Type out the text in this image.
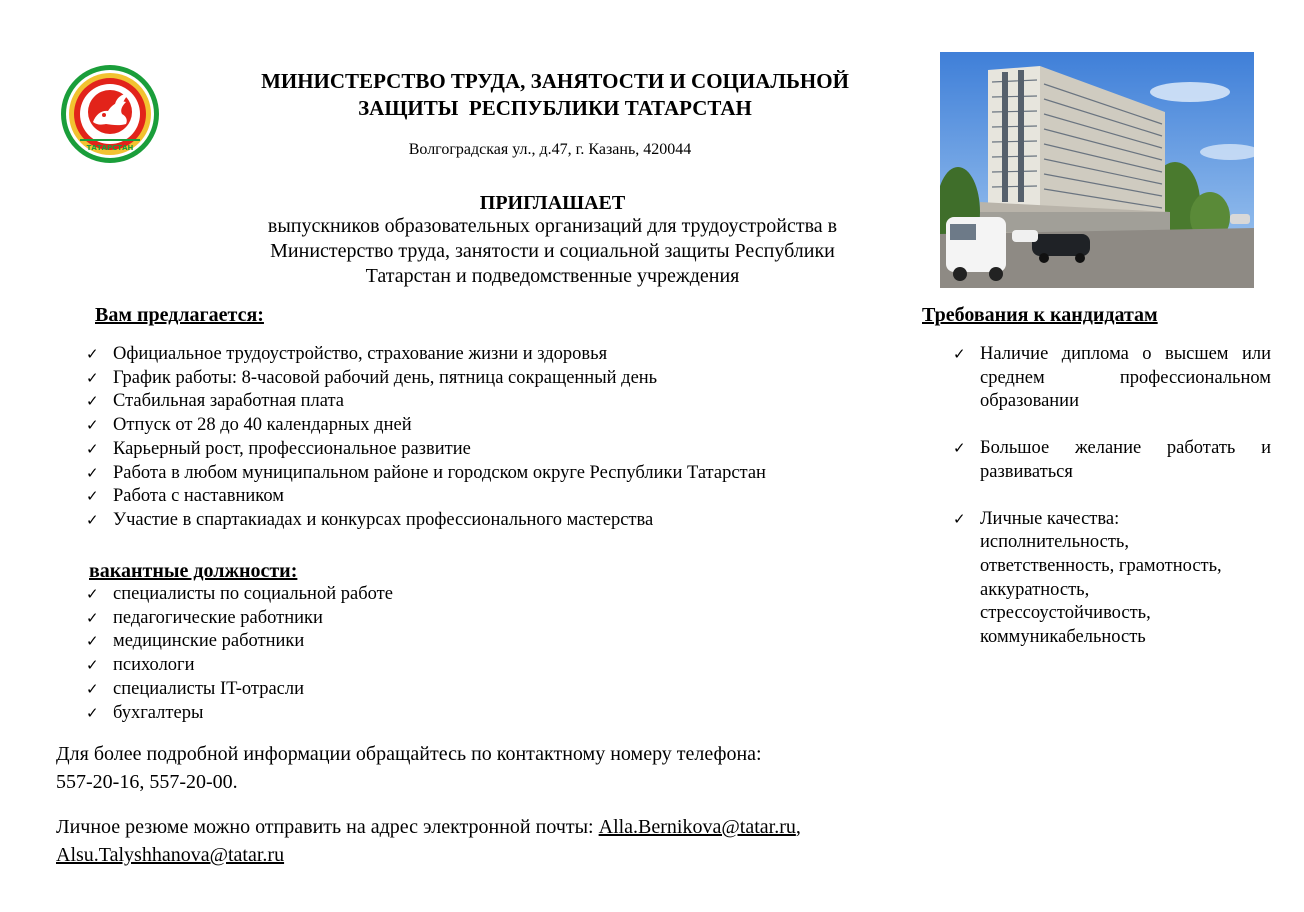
ТАТАРСТАН
МИНИСТЕРСТВО ТРУДА, ЗАНЯТОСТИ И СОЦИАЛЬНОЙ
ЗАЩИТЫ  РЕСПУБЛИКИ ТАТАРСТАН
Волгоградская ул., д.47, г. Казань, 420044
ПРИГЛАШАЕТ
выпускников образовательных организаций для трудоустройства в
Министерство труда, занятости и социальной защиты Республики
Татарстан и подведомственные учреждения
Вам предлагается:
✓ Официальное трудоустройство, страхование жизни и здоровья
✓ График работы: 8-часовой рабочий день, пятница сокращенный день
✓ Стабильная заработная плата
✓ Отпуск от 28 до 40 календарных дней
✓ Карьерный рост, профессиональное развитие
✓ Работа в любом муниципальном районе и городском округе Республики Татарстан
✓ Работа с наставником
✓ Участие в спартакиадах и конкурсах профессионального мастерства
вакантные должности:
✓ специалисты по социальной работе
✓ педагогические работники
✓ медицинские работники
✓ психологи
✓ специалисты IT-отрасли
✓ бухгалтеры
Требования к кандидатам
✓ Наличие диплома о высшем или среднем профессиональном образовании
✓ Большое желание работать и развиваться
✓ Личные качества:
исполнительность,
ответственность, грамотность,
аккуратность,
стрессоустойчивость,
коммуникабельность
Для более подробной информации обращайтесь по контактному номеру телефона:
557-20-16, 557-20-00.
Личное резюме можно отправить на адрес электронной почты: Alla.Bernikova@tatar.ru,
Alsu.Talyshhanova@tatar.ru
